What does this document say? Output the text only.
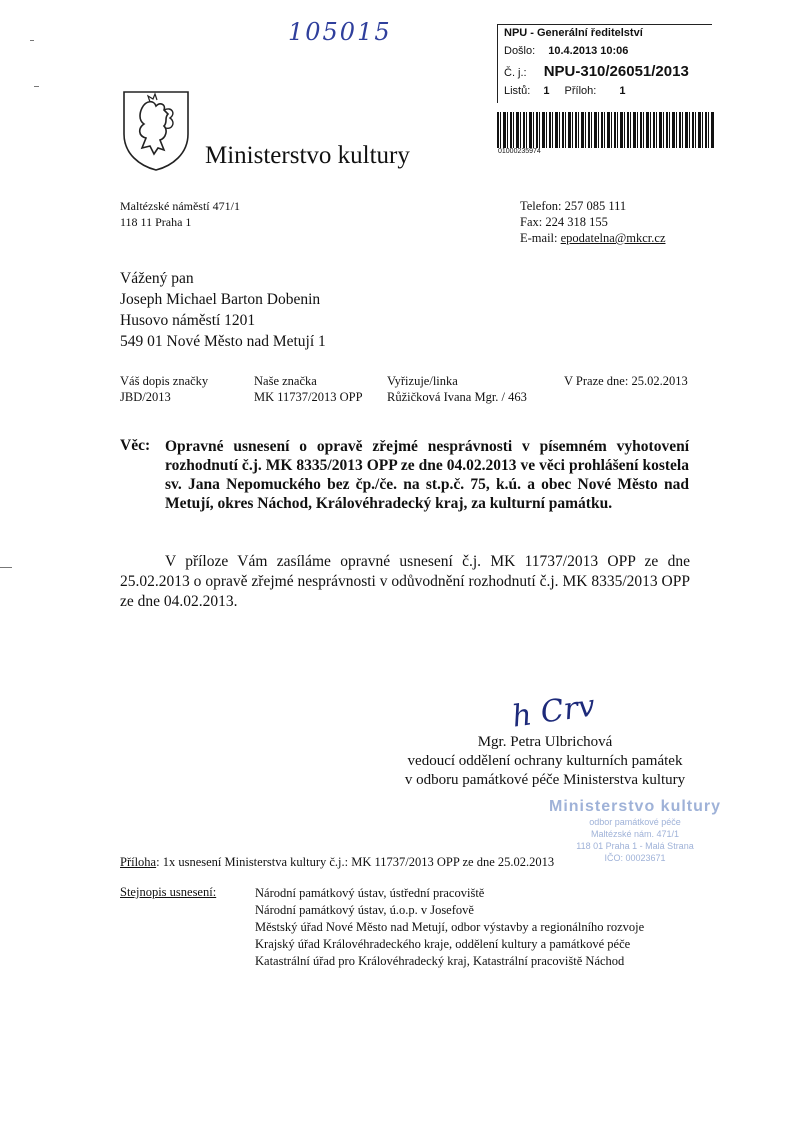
105015	NPU - Generální ředitelství
Došlo: 10.4.2013 10:06
Č. j.: NPU-310/26051/2013
Listů: 1 Příloh: 1
01000235974
Ministerstvo kultury
Maltézské náměstí 471/1
118 11 Praha 1
Telefon: 257 085 111
Fax: 224 318 155
E-mail: epodatelna@mkcr.cz
Vážený pan
Joseph Michael Barton Dobenin
Husovo náměstí 1201
549 01 Nové Město nad Metují 1
Váš dopis značky
JBD/2013
Naše značka
MK 11737/2013 OPP
Vyřizuje/linka
Růžičková Ivana Mgr. / 463
V Praze dne: 25.02.2013
Věc: Opravné usnesení o opravě zřejmé nesprávnosti v písemném vyhotovení rozhodnutí č.j. MK 8335/2013 OPP ze dne 04.02.2013 ve věci prohlášení kostela sv. Jana Nepomuckého bez čp./če. na st.p.č. 75, k.ú. a obec Nové Město nad Metují, okres Náchod, Královéhradecký kraj, za kulturní památku.
V příloze Vám zasíláme opravné usnesení č.j. MK 11737/2013 OPP ze dne 25.02.2013 o opravě zřejmé nesprávnosti v odůvodnění rozhodnutí č.j. MK 8335/2013 OPP ze dne 04.02.2013.
h Crv
Mgr. Petra Ulbrichová
vedoucí oddělení ochrany kulturních památek
v odboru památkové péče Ministerstva kultury
Ministerstvo kultury
odbor památkové péče
Maltézské nám. 471/1
118 01 Praha 1 - Malá Strana
IČO: 00023671
Příloha: 1x usnesení Ministerstva kultury č.j.: MK 11737/2013 OPP ze dne 25.02.2013
Stejnopis usnesení:	Národní památkový ústav, ústřední pracoviště
Národní památkový ústav, ú.o.p. v Josefově
Městský úřad Nové Město nad Metují, odbor výstavby a regionálního rozvoje
Krajský úřad Královéhradeckého kraje, oddělení kultury a památkové péče
Katastrální úřad pro Královéhradecký kraj, Katastrální pracoviště Náchod
